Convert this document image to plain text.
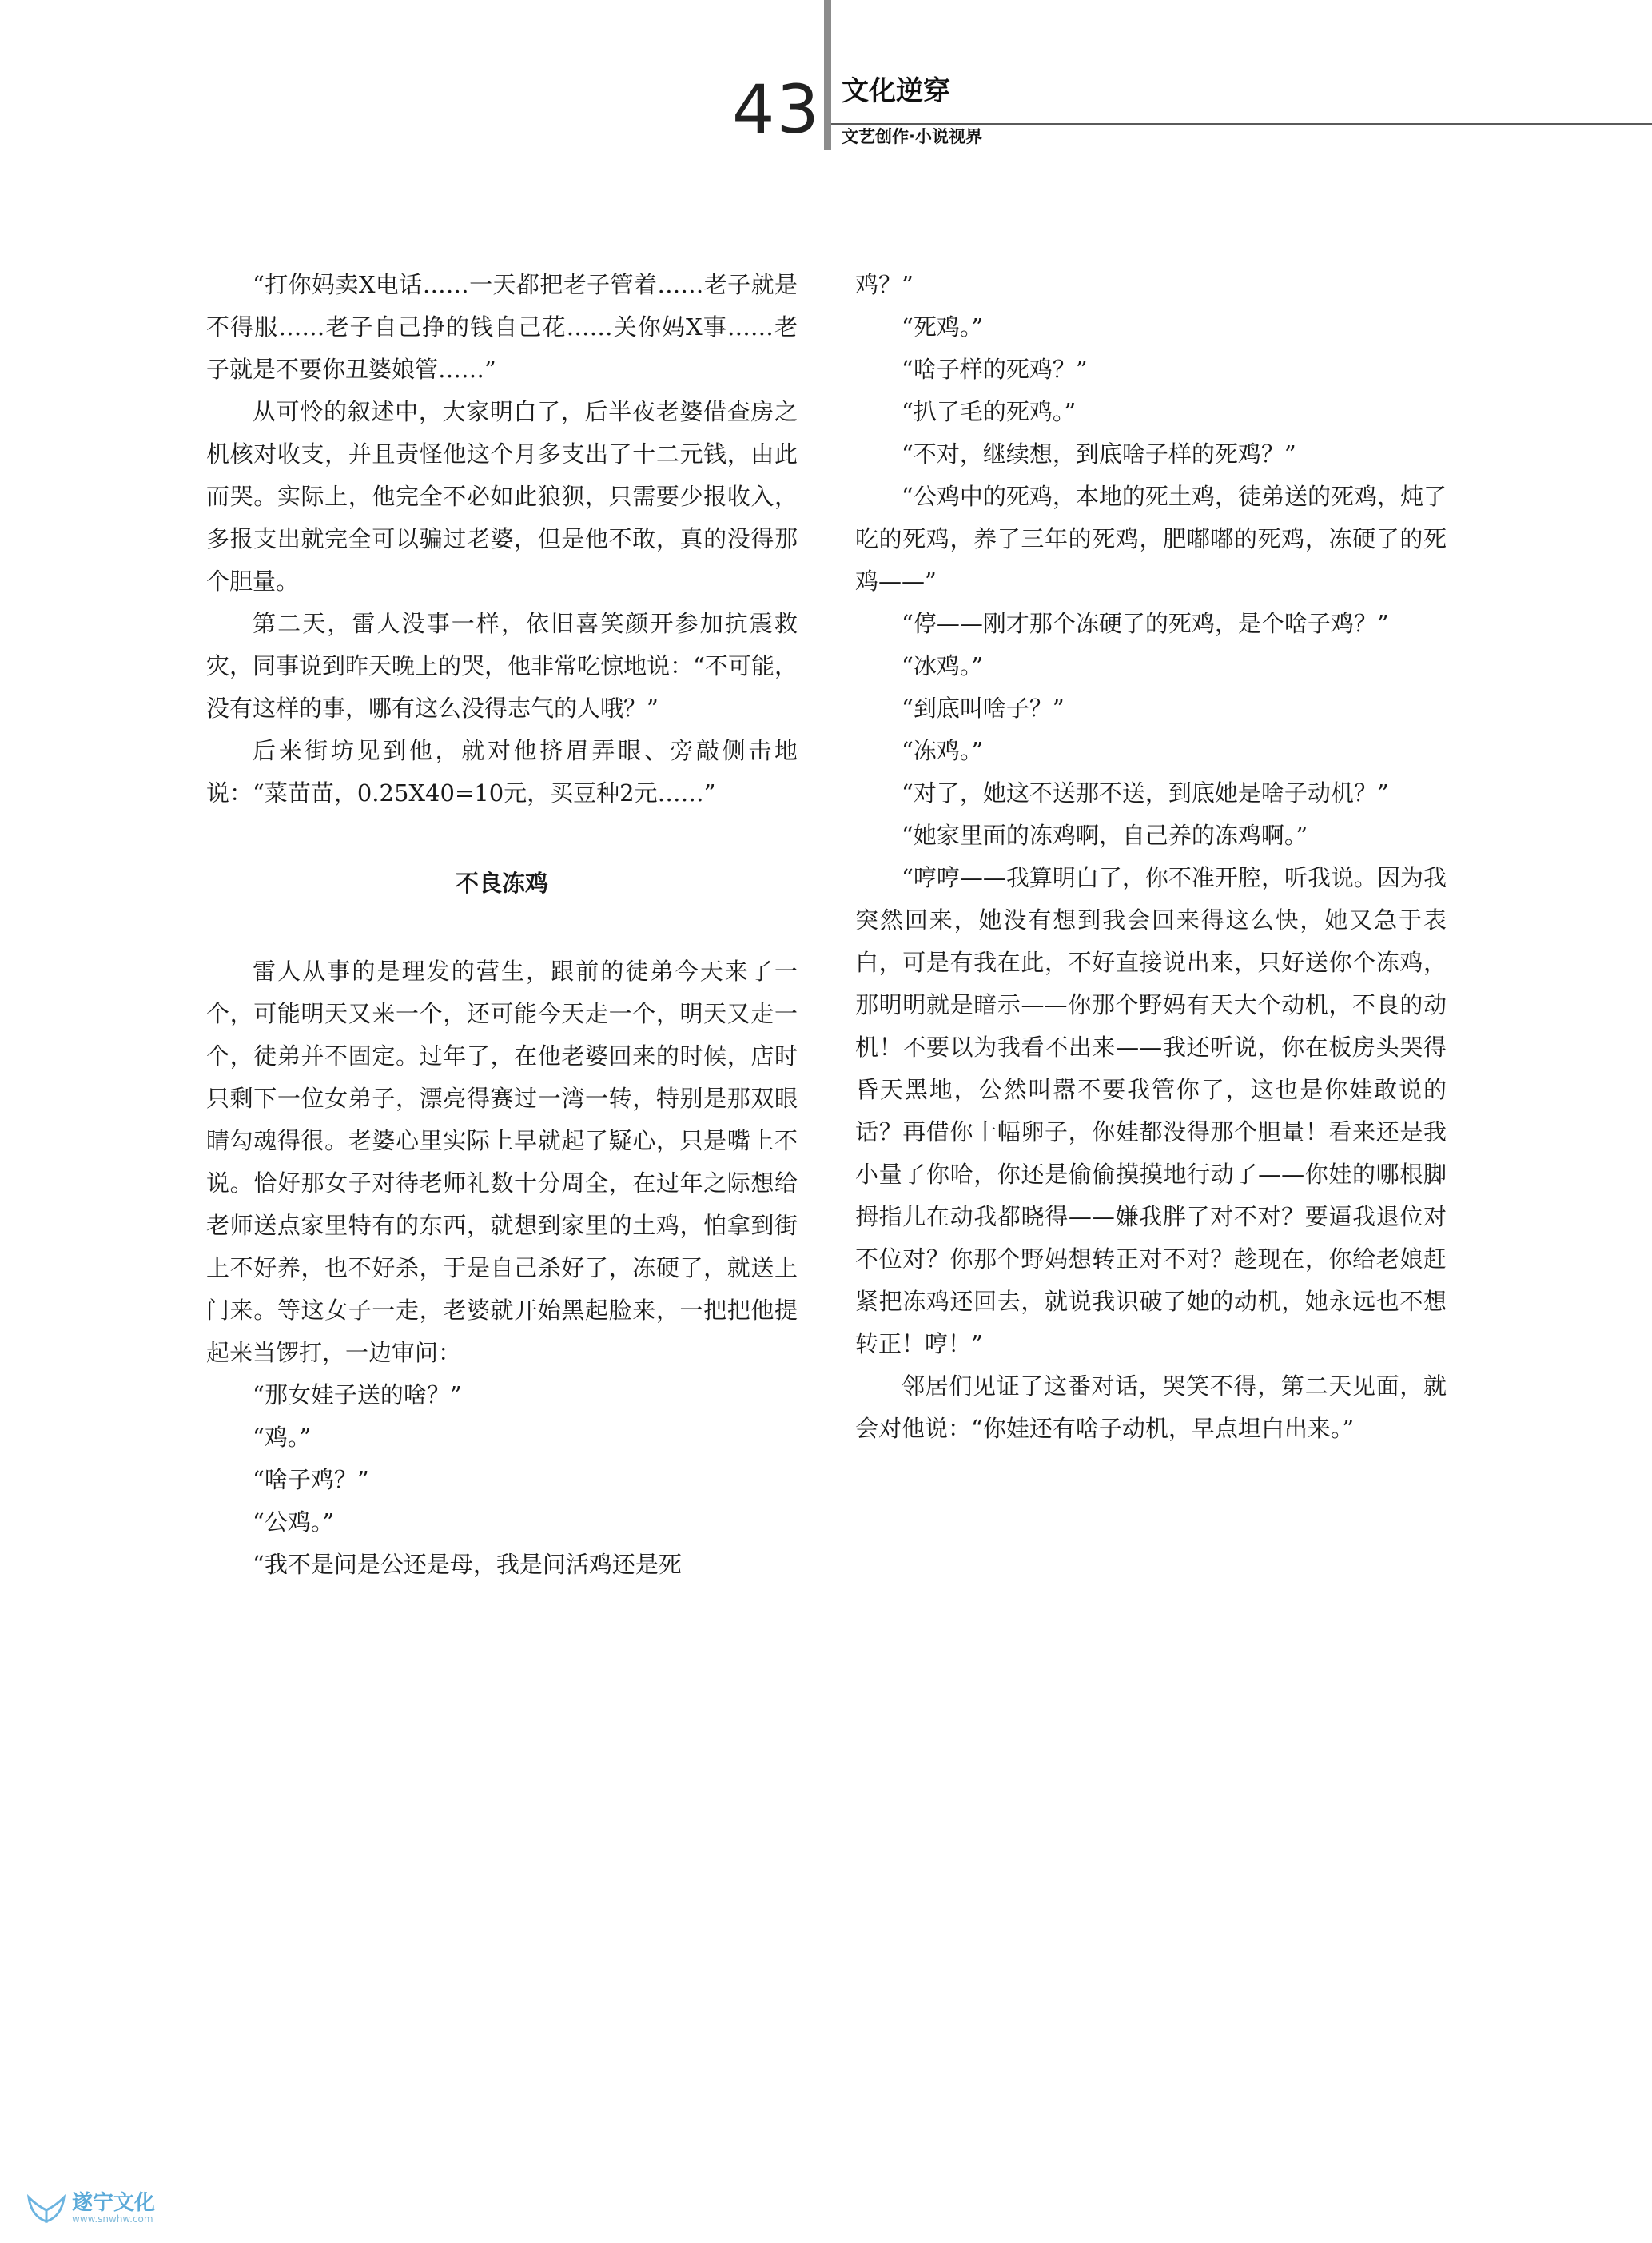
43 文化逆穿
文艺创作·小说视界

“打你妈卖X电话……一天都把老子管着……老子就是不得服……老子自己挣的钱自己花……关你妈X事……老子就是不要你丑婆娘管……”

从可怜的叙述中，大家明白了，后半夜老婆借查房之机核对收支，并且责怪他这个月多支出了十二元钱，由此而哭。实际上，他完全不必如此狼狈，只需要少报收入，多报支出就完全可以骗过老婆，但是他不敢，真的没得那个胆量。

第二天，雷人没事一样，依旧喜笑颜开参加抗震救灾，同事说到昨天晚上的哭，他非常吃惊地说：“不可能，没有这样的事，哪有这么没得志气的人哦？”

后来街坊见到他，就对他挤眉弄眼、旁敲侧击地说：“菜苗苗，0.25X40=10元，买豆种2元……”

不良冻鸡

雷人从事的是理发的营生，跟前的徒弟今天来了一个，可能明天又来一个，还可能今天走一个，明天又走一个，徒弟并不固定。过年了，在他老婆回来的时候，店时只剩下一位女弟子，漂亮得赛过一湾一转，特别是那双眼睛勾魂得很。老婆心里实际上早就起了疑心，只是嘴上不说。恰好那女子对待老师礼数十分周全，在过年之际想给老师送点家里特有的东西，就想到家里的土鸡，怕拿到街上不好养，也不好杀，于是自己杀好了，冻硬了，就送上门来。等这女子一走，老婆就开始黑起脸来，一把把他提起来当锣打，一边审问：

“那女娃子送的啥？”

“鸡。”

“啥子鸡？”

“公鸡。”

“我不是问是公还是母，我是问活鸡还是死

鸡？”

“死鸡。”

“啥子样的死鸡？”

“扒了毛的死鸡。”

“不对，继续想，到底啥子样的死鸡？”

“公鸡中的死鸡，本地的死土鸡，徒弟送的死鸡，炖了吃的死鸡，养了三年的死鸡，肥嘟嘟的死鸡，冻硬了的死鸡——”

“停——刚才那个冻硬了的死鸡，是个啥子鸡？”

“冰鸡。”

“到底叫啥子？”

“冻鸡。”

“对了，她这不送那不送，到底她是啥子动机？”

“她家里面的冻鸡啊，自己养的冻鸡啊。”

“哼哼——我算明白了，你不准开腔，听我说。因为我突然回来，她没有想到我会回来得这么快，她又急于表白，可是有我在此，不好直接说出来，只好送你个冻鸡，那明明就是暗示——你那个野妈有天大个动机，不良的动机！不要以为我看不出来——我还听说，你在板房头哭得昏天黑地，公然叫嚣不要我管你了，这也是你娃敢说的话？再借你十幅卵子，你娃都没得那个胆量！看来还是我小量了你哈，你还是偷偷摸摸地行动了——你娃的哪根脚拇指儿在动我都晓得——嫌我胖了对不对？要逼我退位对不位对？你那个野妈想转正对不对？趁现在，你给老娘赶紧把冻鸡还回去，就说我识破了她的动机，她永远也不想转正！哼！”

邻居们见证了这番对话，哭笑不得，第二天见面，就会对他说：“你娃还有啥子动机，早点坦白出来。”

遂宁文化
www.snwhw.com
